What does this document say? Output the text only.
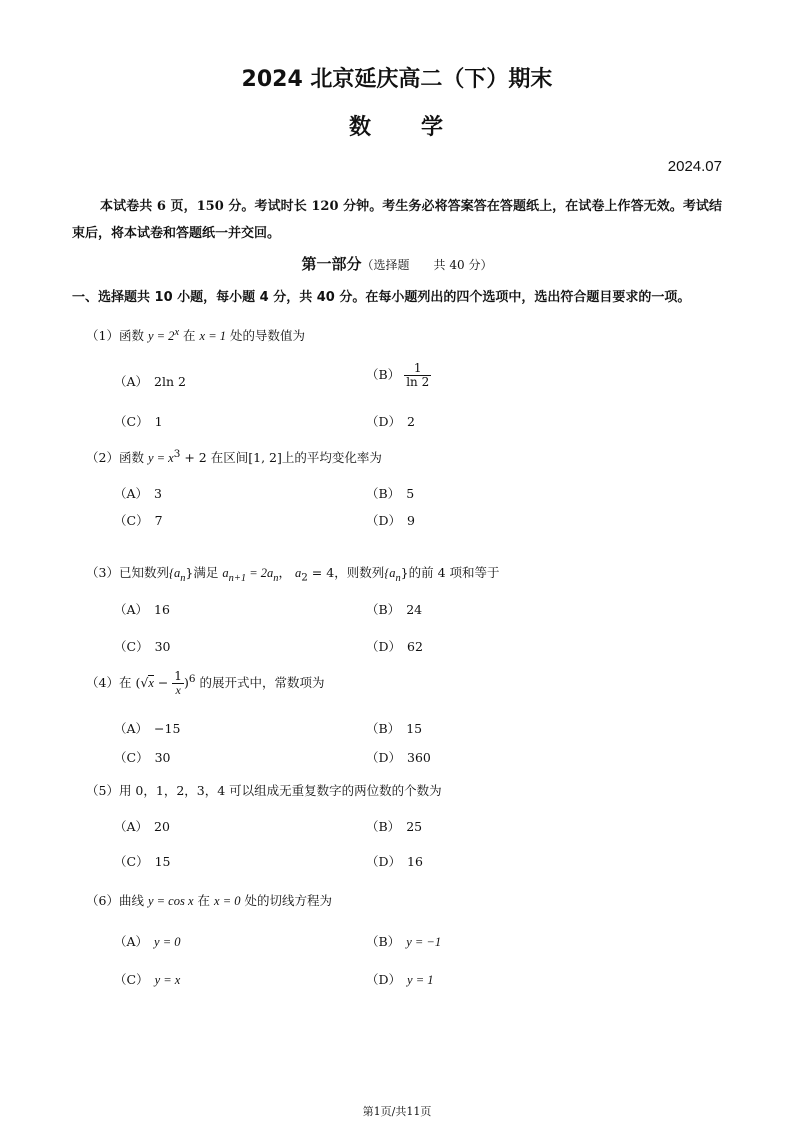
2024 北京延庆高二（下）期末
数　　学
2024.07
本试卷共 6 页，150 分。考试时长 120 分钟。考生务必将答案答在答题纸上，在试卷上作答无效。考试结束后，将本试卷和答题纸一并交回。
第一部分（选择题　　共 40 分）
一、选择题共 10 小题，每小题 4 分，共 40 分。在每小题列出的四个选项中，选出符合题目要求的一项。
（1）函数 $y = 2^x$ 在 x = 1 处的导数值为
（A） 2ln 2	$(B) \frac{1}{\ln 2}$
（C） 1	（D） 2
（2）函数 $y = x^3 + 2$ 在区间[1, 2]上的平均变化率为
（A） 3	（B） 5
（C） 7	（D） 9
（3）已知数列$\{a_n\}$满足 $a_{n+1} = 2a_n$， $a_2 = 4$，则数列$\{a_n\}$的前 4 项和等于
（A） 16	（B） 24
（C） 30	（D） 62
（4）在 $(√x - \frac{1}{x} )^6$ 的展开式中，常数项为
（A） −15	（B） 15
（C） 30	（D） 360
（5）用 0，1，2，3，4 可以组成无重复数字的两位数的个数为
（A） 20	（B） 25
（C） 15	（D） 16
（6）曲线 y = cos x 在 x = 0 处的切线方程为
（A） y = 0	（B） y = −1
（C） y = x	（D） y = 1
第1页/共11页
